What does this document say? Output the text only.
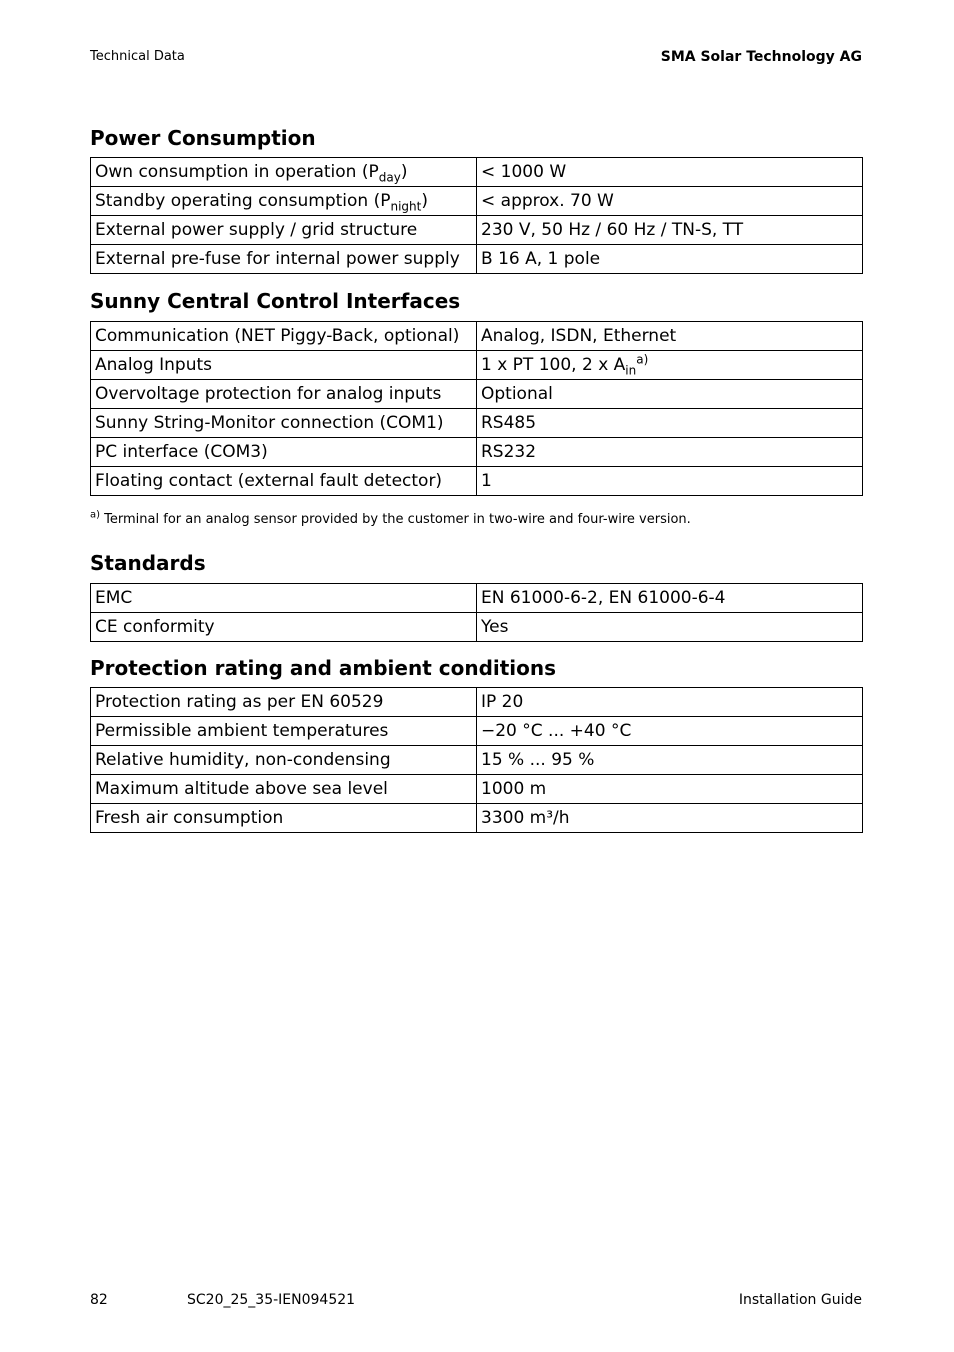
Technical Data	SMA Solar Technology AG
Power Consumption
Own consumption in operation $(P_{day})$	< 1000 W
Standby operating consumption $(P_{night})$	< approx. 70 W
External power supply / grid structure	230 V, 50 Hz / 60 Hz / TN-S, TT
External pre-fuse for internal power supply	B 16 A, 1 pole
Sunny Central Control Interfaces
Communication (NET Piggy-Back, optional)	Analog, ISDN, Ethernet
Analog Inputs	1 x PT 100, 2 x $A_{in}^{a)}$
Overvoltage protection for analog inputs	Optional
Sunny String-Monitor connection (COM1)	RS485
PC interface (COM3)	RS232
Floating contact (external fault detector)	1
$^{a)}$ Terminal for an analog sensor provided by the customer in two-wire and four-wire version.
Standards
EMC	EN 61000-6-2, EN 61000-6-4
CE conformity	Yes
Protection rating and ambient conditions
Protection rating as per EN 60529	IP 20
Permissible ambient temperatures	−20 °C ... +40 °C
Relative humidity, non-condensing	15 % ... 95 %
Maximum altitude above sea level	1000 m
Fresh air consumption	3300 m³/h
82	SC20_25_35-IEN094521	Installation Guide
